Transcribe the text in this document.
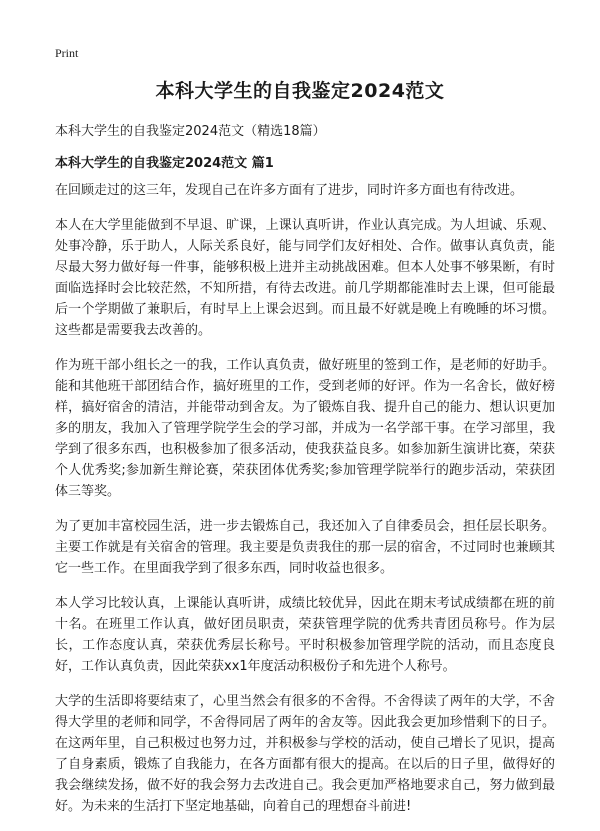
Print
本科大学生的自我鉴定2024范文

本科大学生的自我鉴定2024范文（精选18篇）

本科大学生的自我鉴定2024范文 篇1

在回顾走过的这三年，发现自己在许多方面有了进步，同时许多方面也有待改进。

本人在大学里能做到不早退、旷课，上课认真听讲，作业认真完成。为人坦诚、乐观、处事冷静，乐于助人，人际关系良好，能与同学们友好相处、合作。做事认真负责，能尽最大努力做好每一件事，能够积极上进并主动挑战困难。但本人处事不够果断，有时面临选择时会比较茫然，不知所措，有待去改进。前几学期都能准时去上课，但可能最后一个学期做了兼职后，有时早上上课会迟到。而且最不好就是晚上有晚睡的坏习惯。这些都是需要我去改善的。

作为班干部小组长之一的我，工作认真负责，做好班里的签到工作，是老师的好助手。能和其他班干部团结合作，搞好班里的工作，受到老师的好评。作为一名舍长，做好榜样，搞好宿舍的清洁，并能带动到舍友。为了锻炼自我、提升自己的能力、想认识更加多的朋友，我加入了管理学院学生会的学习部，并成为一名学部干事。在学习部里，我学到了很多东西，也积极参加了很多活动，使我获益良多。如参加新生演讲比赛，荣获个人优秀奖;参加新生辩论赛，荣获团体优秀奖;参加管理学院举行的跑步活动，荣获团体三等奖。

为了更加丰富校园生活，进一步去锻炼自己，我还加入了自律委员会，担任层长职务。主要工作就是有关宿舍的管理。我主要是负责我住的那一层的宿舍，不过同时也兼顾其它一些工作。在里面我学到了很多东西，同时收益也很多。

本人学习比较认真，上课能认真听讲，成绩比较优异，因此在期末考试成绩都在班的前十名。在班里工作认真，做好团员职责，荣获管理学院的优秀共青团员称号。作为层长，工作态度认真，荣获优秀层长称号。平时积极参加管理学院的活动，而且态度良好，工作认真负责，因此荣获xx1年度活动积极份子和先进个人称号。

大学的生活即将要结束了，心里当然会有很多的不舍得。不舍得读了两年的大学，不舍得大学里的老师和同学，不舍得同居了两年的舍友等。因此我会更加珍惜剩下的日子。在这两年里，自己积极过也努力过，并积极参与学校的活动，使自己增长了见识，提高了自身素质，锻炼了自我能力，在各方面都有很大的提高。在以后的日子里，做得好的我会继续发扬，做不好的我会努力去改进自己。我会更加严格地要求自己，努力做到最好。为未来的生活打下坚定地基础，向着自己的理想奋斗前进!
